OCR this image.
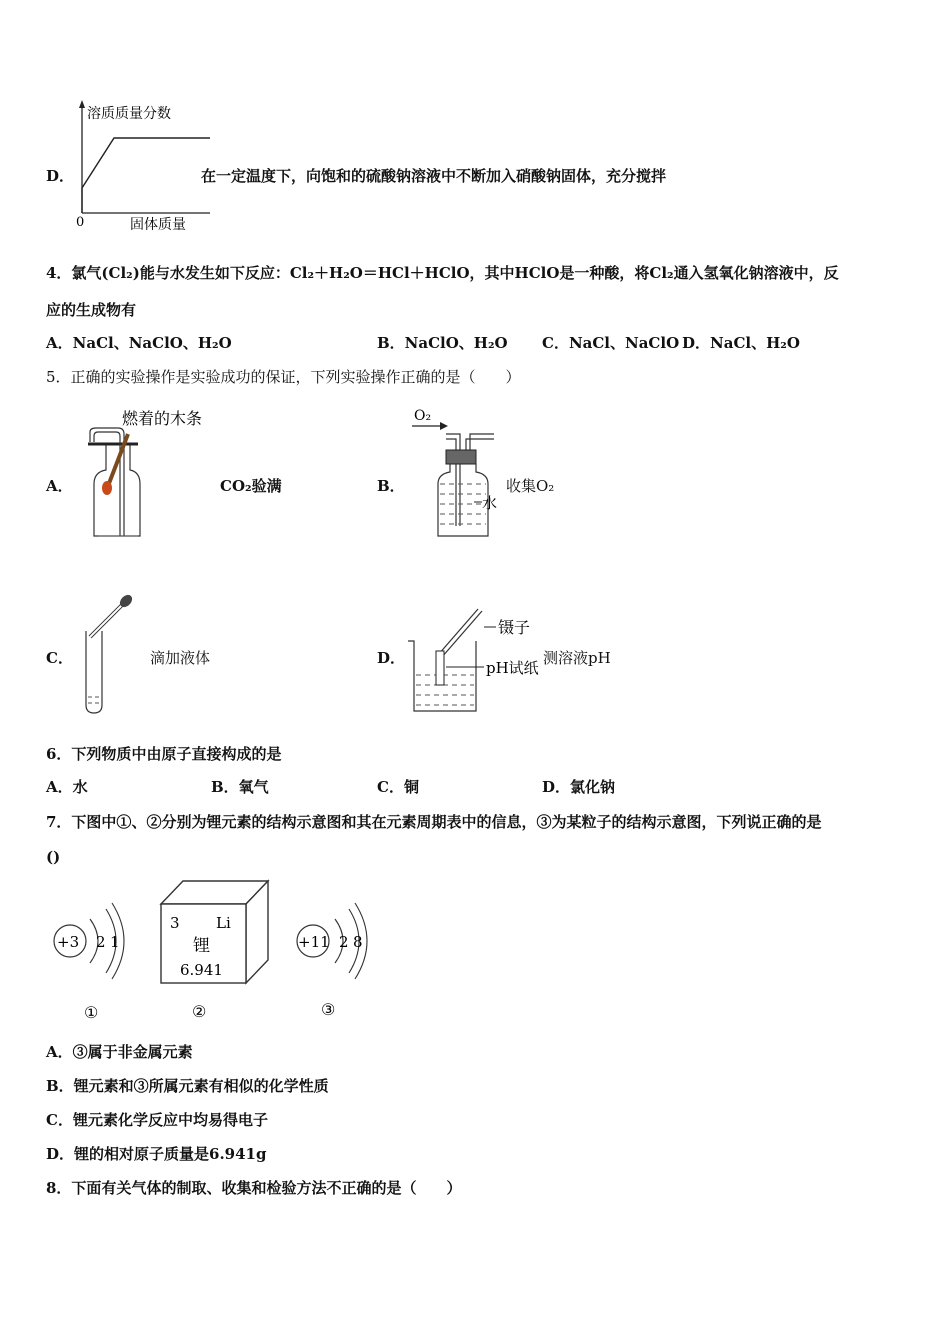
D．
溶质质量分数
0	固体质量
在一定温度下，向饱和的硫酸钠溶液中不断加入硝酸钠固体，充分搅拌
4．氯气(Cl₂)能与水发生如下反应：Cl₂＋H₂O＝HCl＋HClO，其中HClO是一种酸，将Cl₂通入氢氧化钠溶液中，反
应的生成物有
A．NaCl、NaClO、H₂O	B．NaClO、H₂O C．NaCl、NaClO D．NaCl、H₂O
5．正确的实验操作是实验成功的保证，下列实验操作正确的是（　　）
A．
燃着的木条
CO₂验满	B．
O₂
水
收集O₂
C．	滴加液体	D．
镊子
pH试纸
测溶液pH
6．下列物质中由原子直接构成的是
A．水	B．氧气	C．铜	D．氯化钠
7．下图中①、②分别为锂元素的结构示意图和其在元素周期表中的信息，③为某粒子的结构示意图，下列说正确的是
()
+3 2 1
①
3 Li
锂
6.941
②
+11 2 8
③
A．③属于非金属元素
B．锂元素和③所属元素有相似的化学性质
C．锂元素化学反应中均易得电子
D．锂的相对原子质量是6.941g
8．下面有关气体的制取、收集和检验方法不正确的是（　　）
